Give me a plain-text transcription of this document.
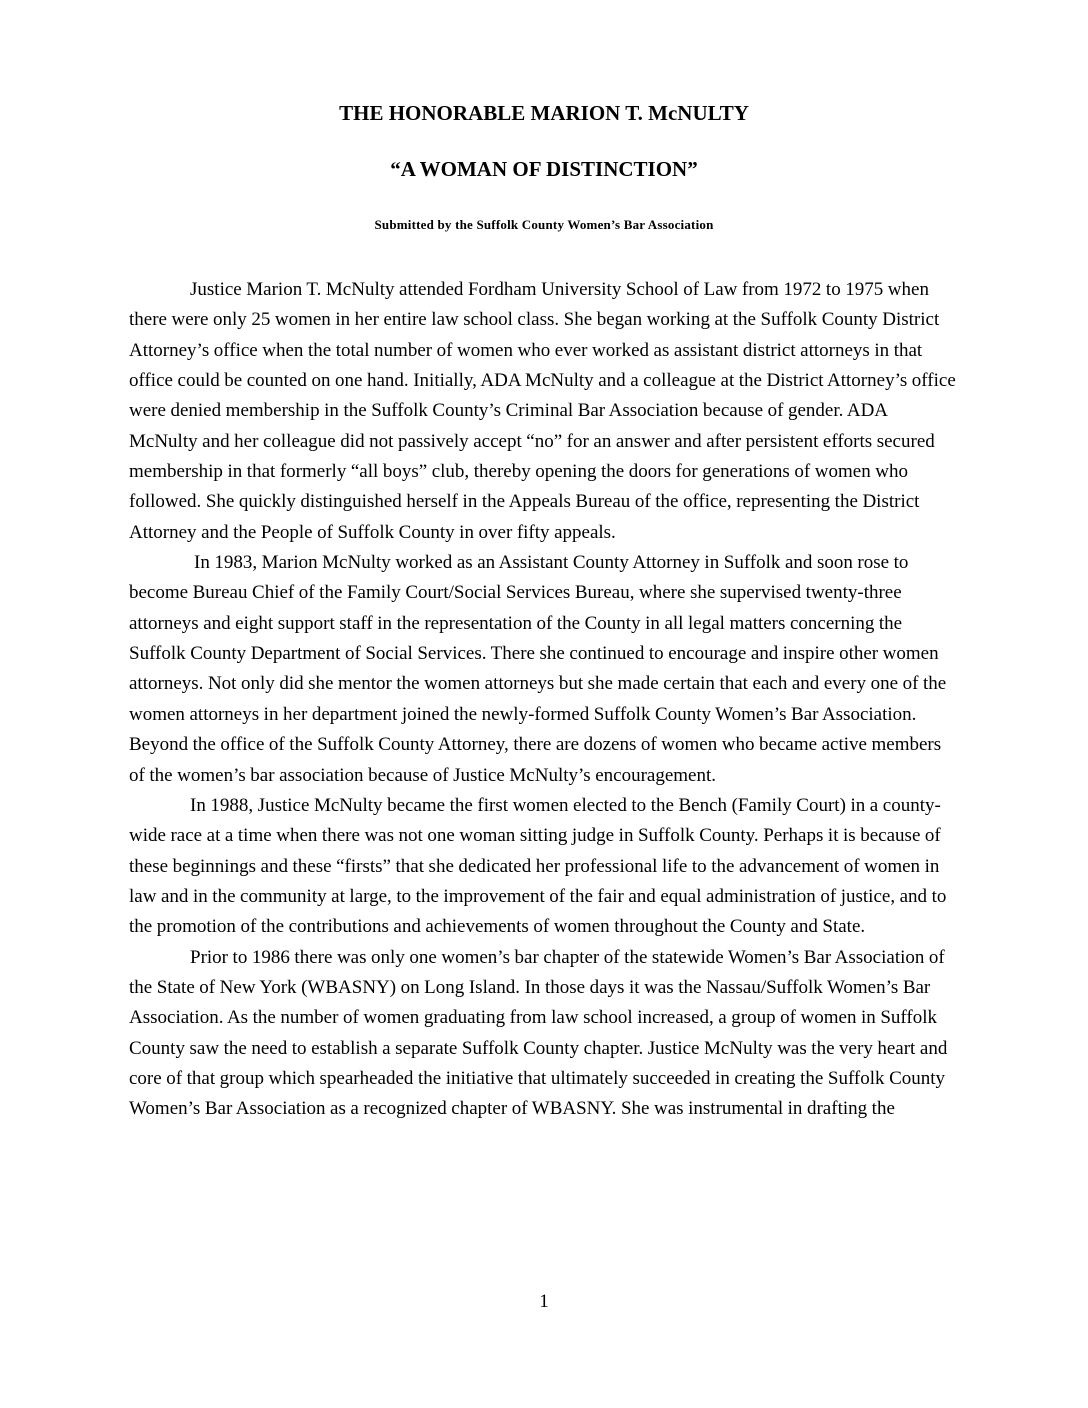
THE HONORABLE MARION T. McNULTY
“A WOMAN OF DISTINCTION”

Submitted by the Suffolk County Women’s Bar Association

Justice Marion T. McNulty attended Fordham University School of Law from 1972 to 1975 when there were only 25 women in her entire law school class. She began working at the Suffolk County District Attorney’s office when the total number of women who ever worked as assistant district attorneys in that office could be counted on one hand. Initially, ADA McNulty and a colleague at the District Attorney’s office were denied membership in the Suffolk County’s Criminal Bar Association because of gender. ADA McNulty and her colleague did not passively accept “no” for an answer and after persistent efforts secured membership in that formerly “all boys” club, thereby opening the doors for generations of women who followed. She quickly distinguished herself in the Appeals Bureau of the office, representing the District Attorney and the People of Suffolk County in over fifty appeals.

In 1983, Marion McNulty worked as an Assistant County Attorney in Suffolk and soon rose to become Bureau Chief of the Family Court/Social Services Bureau, where she supervised twenty-three attorneys and eight support staff in the representation of the County in all legal matters concerning the Suffolk County Department of Social Services. There she continued to encourage and inspire other women attorneys. Not only did she mentor the women attorneys but she made certain that each and every one of the women attorneys in her department joined the newly-formed Suffolk County Women’s Bar Association. Beyond the office of the Suffolk County Attorney, there are dozens of women who became active members of the women’s bar association because of Justice McNulty’s encouragement.

In 1988, Justice McNulty became the first women elected to the Bench (Family Court) in a county-wide race at a time when there was not one woman sitting judge in Suffolk County. Perhaps it is because of these beginnings and these “firsts” that she dedicated her professional life to the advancement of women in law and in the community at large, to the improvement of the fair and equal administration of justice, and to the promotion of the contributions and achievements of women throughout the County and State.

Prior to 1986 there was only one women’s bar chapter of the statewide Women’s Bar Association of the State of New York (WBASNY) on Long Island. In those days it was the Nassau/Suffolk Women’s Bar Association. As the number of women graduating from law school increased, a group of women in Suffolk County saw the need to establish a separate Suffolk County chapter. Justice McNulty was the very heart and core of that group which spearheaded the initiative that ultimately succeeded in creating the Suffolk County Women’s Bar Association as a recognized chapter of WBASNY. She was instrumental in drafting the

1
